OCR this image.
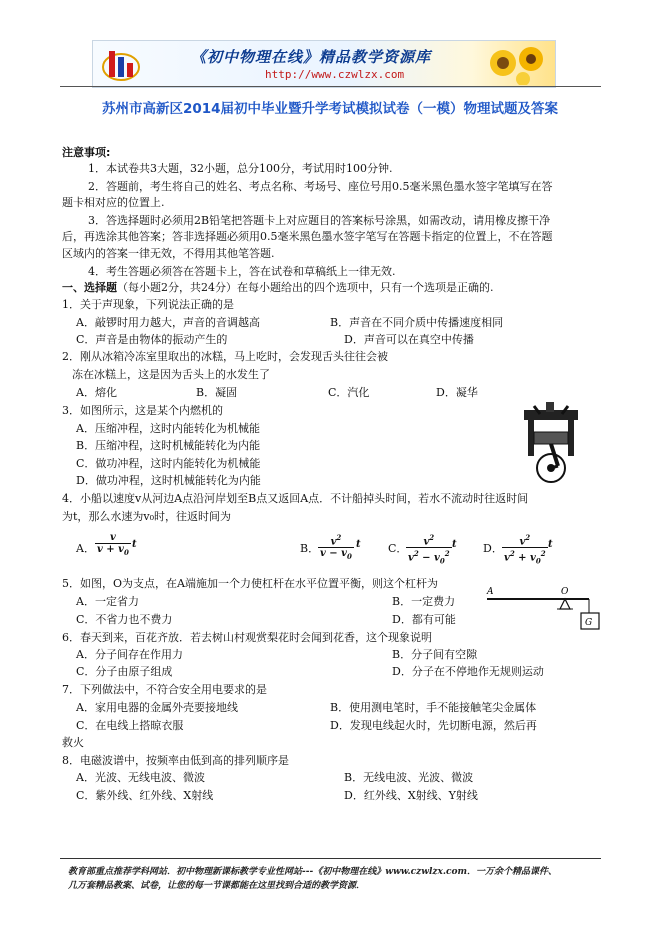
《初中物理在线》精品教学资源库
http://www.czwlzx.com
苏州市高新区2014届初中毕业暨升学考试模拟试卷（一模）物理试题及答案
注意事项:
1．本试卷共3大题，32小题，总分100分，考试用时100分钟.
2．答题前，考生将自己的姓名、考点名称、考场号、座位号用0.5毫米黑色墨水签字笔填写在答
题卡相对应的位置上.
3．答选择题时必须用2B铅笔把答题卡上对应题目的答案标号涂黑，如需改动，请用橡皮擦干净
后，再选涂其他答案；答非选择题必须用0.5毫米黑色墨水签字笔写在答题卡指定的位置上，不在答题
区域内的答案一律无效，不得用其他笔答题.
4．考生答题必须答在答题卡上，答在试卷和草稿纸上一律无效.
一、选择题（每小题2分，共24分）在每小题给出的四个选项中，只有一个选项是正确的.
1．关于声现象，下列说法正确的是
A．敲锣时用力越大，声音的音调越高	B．声音在不同介质中传播速度相同
C．声音是由物体的振动产生的	D．声音可以在真空中传播
2．刚从冰箱冷冻室里取出的冰糕，马上吃时，会发现舌头往往会被
冻在冰糕上，这是因为舌头上的水发生了
A．熔化	B．凝固	C．汽化	D．凝华
3．如图所示，这是某个内燃机的
A．压缩冲程，这时内能转化为机械能
B．压缩冲程，这时机械能转化为内能
C．做功冲程，这时内能转化为机械能
D．做功冲程，这时机械能转化为内能
4．小船以速度v从河边A点沿河岸划至B点又返回A点．不计船掉头时间，若水不流动时往返时间
为t，那么水速为v₀时，往返时间为
A． $\frac{v}{v + v_0}$ t	B．
$\frac{v^2}{v - v_0}$ t C．
$\frac{v^2}{v^2 - v_0^2}$ t D． $\frac{v^2}{v^2 + v_0^2}$ t
5．如图，O为支点，在A端施加一个力使杠杆在水平位置平衡，则这个杠杆为
A．一定省力	B．一定费力
C．不省力也不费力	D．都有可能
A	O
G
6．春天到来，百花齐放．若去树山村观赏梨花时会闻到花香，这个现象说明
A．分子间存在作用力	B．分子间有空隙
C．分子由原子组成	D．分子在不停地作无规则运动
7．下列做法中，不符合安全用电要求的是
A．家用电器的金属外壳要接地线	B．使用测电笔时，手不能接触笔尖金属体
C．在电线上搭晾衣服	D．发现电线起火时，先切断电源，然后再
救火
8．电磁波谱中，按频率由低到高的排列顺序是
A．光波、无线电波、微波	B．无线电波、光波、微波
C．紫外线、红外线、X射线	D．红外线、X射线、Y射线
教育部重点推荐学科网站．初中物理新课标教学专业性网站---《初中物理在线》www.czwlzx.com．一万余个精品课件、
几万套精品教案、试卷，让您的每一节课都能在这里找到合适的教学资源．
